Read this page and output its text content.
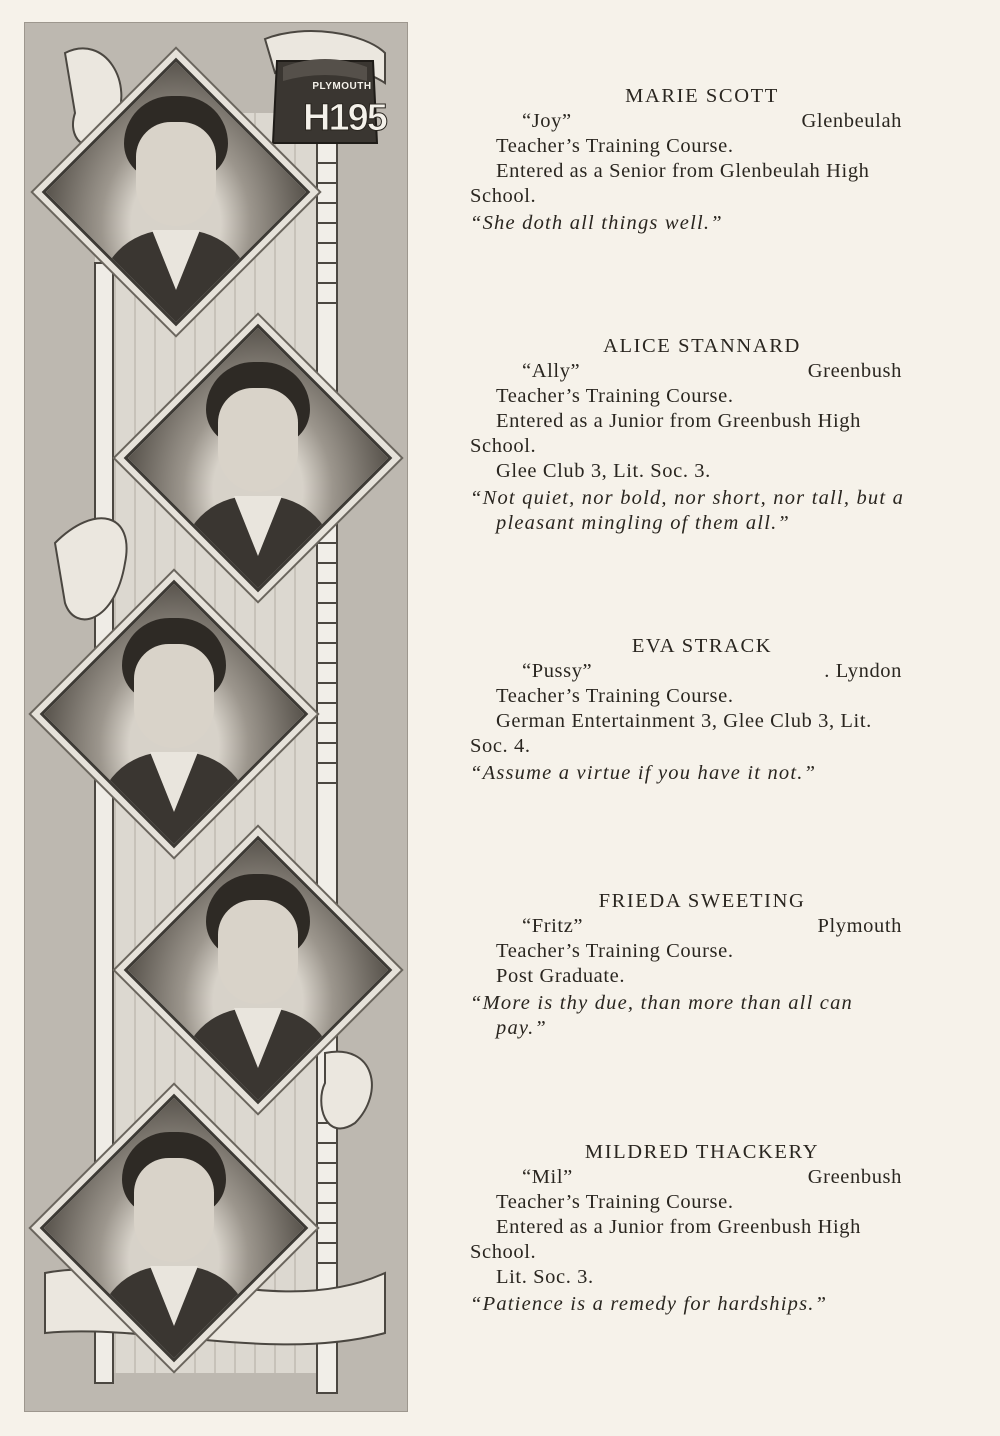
PLYMOUTH
H195
MARIE SCOTT
“Joy”	Glenbeulah
Teacher’s Training Course.
Entered as a Senior from Glenbeulah High
School.
“She doth all things well.”
ALICE STANNARD
“Ally”	Greenbush
Teacher’s Training Course.
Entered as a Junior from Greenbush High
School.
Glee Club 3, Lit. Soc. 3.
“Not quiet, nor bold, nor short, nor tall, but a
pleasant mingling of them all.”
EVA STRACK
“Pussy”	. Lyndon
Teacher’s Training Course.
German Entertainment 3, Glee Club 3, Lit.
Soc. 4.
“Assume a virtue if you have it not.”
FRIEDA SWEETING
“Fritz”	Plymouth
Teacher’s Training Course.
Post Graduate.
“More is thy due, than more than all can
pay.”
MILDRED THACKERY
“Mil”	Greenbush
Teacher’s Training Course.
Entered as a Junior from Greenbush High
School.
Lit. Soc. 3.
“Patience is a remedy for hardships.”
